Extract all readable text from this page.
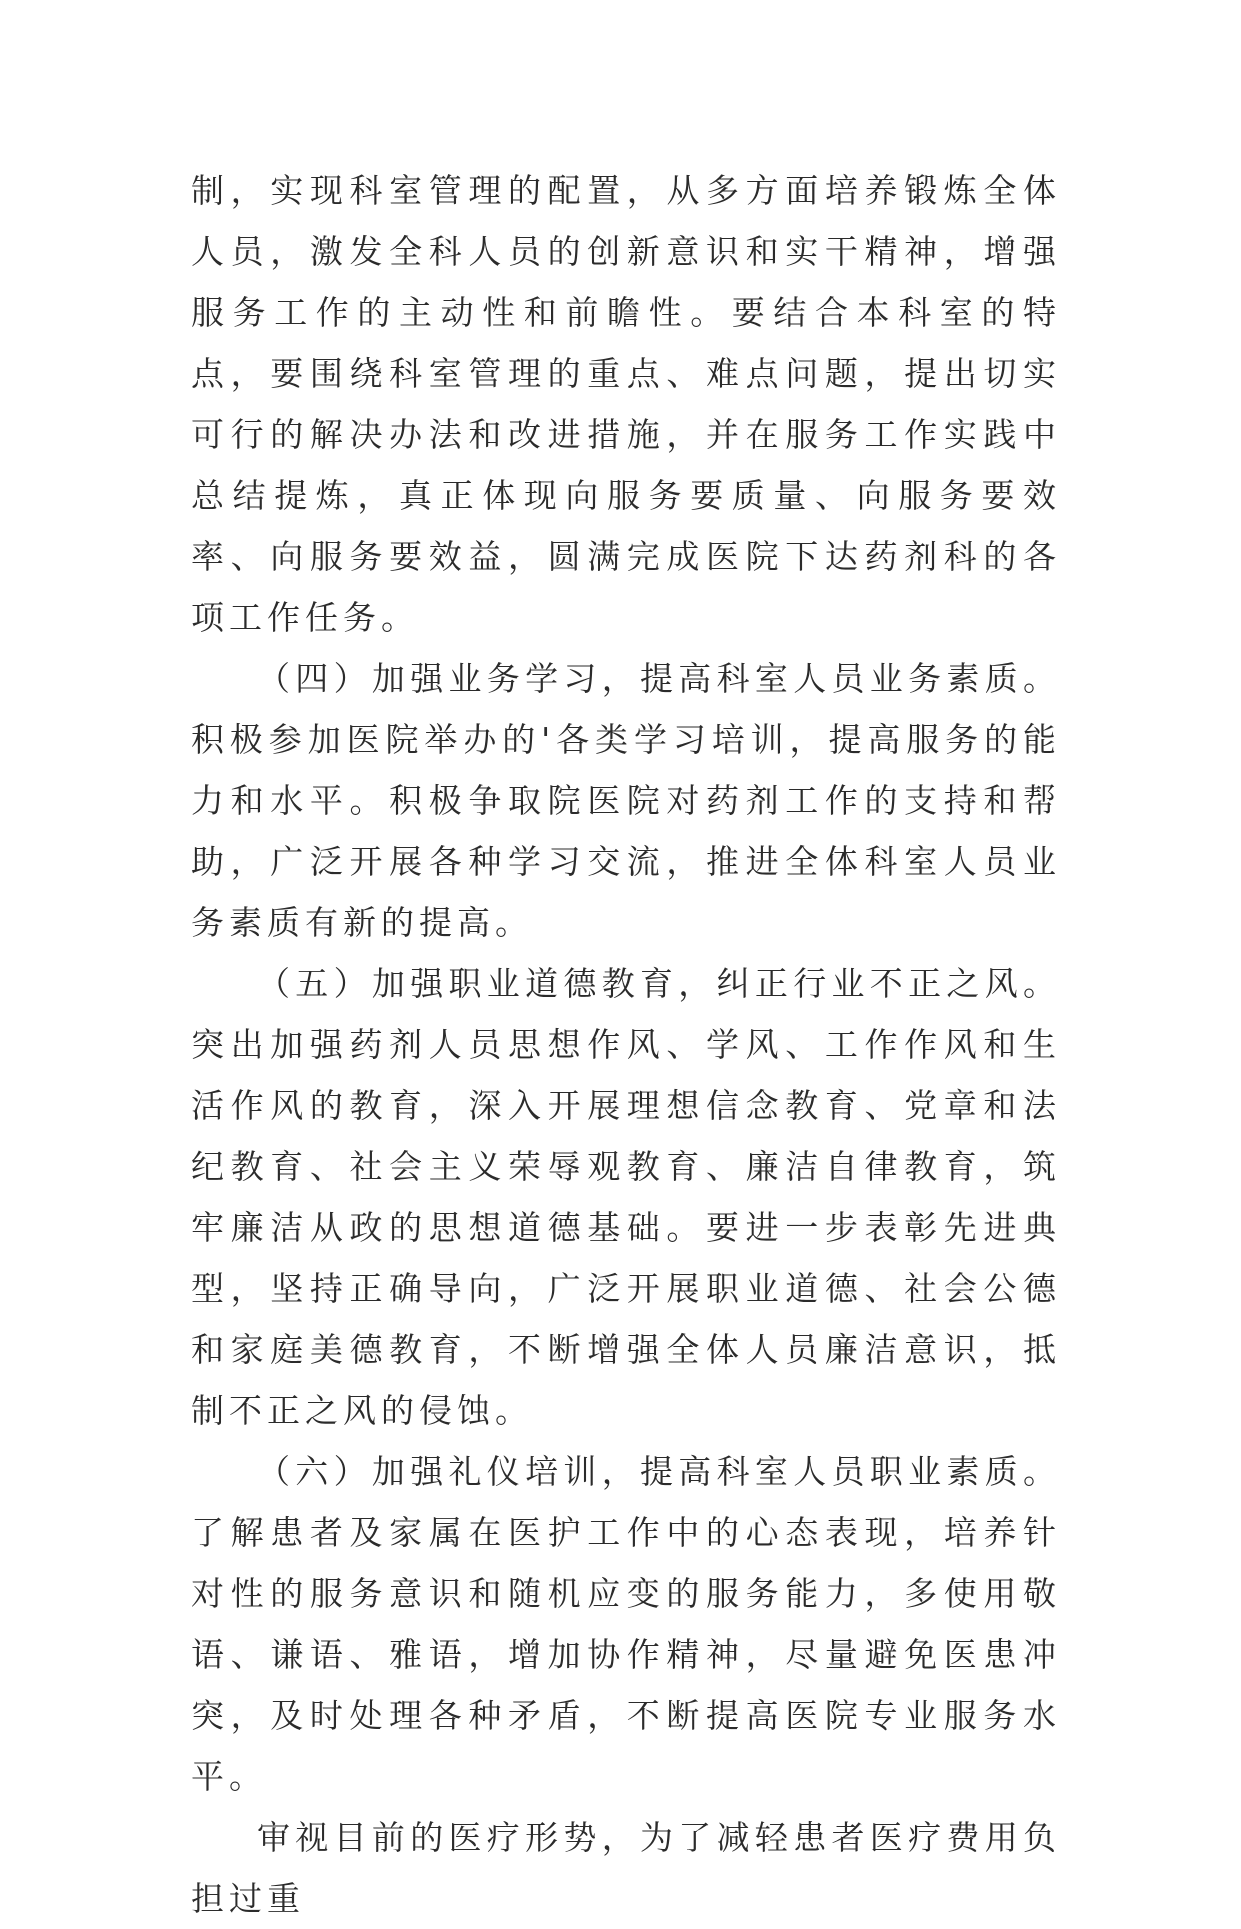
制，实现科室管理的配置，从多方面培养锻炼全体人员，激发全科人员的创新意识和实干精神，增强服务工作的主动性和前瞻性。要结合本科室的特点，要围绕科室管理的重点、难点问题，提出切实可行的解决办法和改进措施，并在服务工作实践中总结提炼，真正体现向服务要质量、向服务要效率、向服务要效益，圆满完成医院下达药剂科的各项工作任务。

（四）加强业务学习，提高科室人员业务素质。积极参加医院举办的'各类学习培训，提高服务的能力和水平。积极争取院医院对药剂工作的支持和帮助，广泛开展各种学习交流，推进全体科室人员业务素质有新的提高。

（五）加强职业道德教育，纠正行业不正之风。突出加强药剂人员思想作风、学风、工作作风和生活作风的教育，深入开展理想信念教育、党章和法纪教育、社会主义荣辱观教育、廉洁自律教育，筑牢廉洁从政的思想道德基础。要进一步表彰先进典型，坚持正确导向，广泛开展职业道德、社会公德和家庭美德教育，不断增强全体人员廉洁意识，抵制不正之风的侵蚀。

（六）加强礼仪培训，提高科室人员职业素质。了解患者及家属在医护工作中的心态表现，培养针对性的服务意识和随机应变的服务能力，多使用敬语、谦语、雅语，增加协作精神，尽量避免医患冲突，及时处理各种矛盾，不断提高医院专业服务水平。

审视目前的医疗形势，为了减轻患者医疗费用负担过重
